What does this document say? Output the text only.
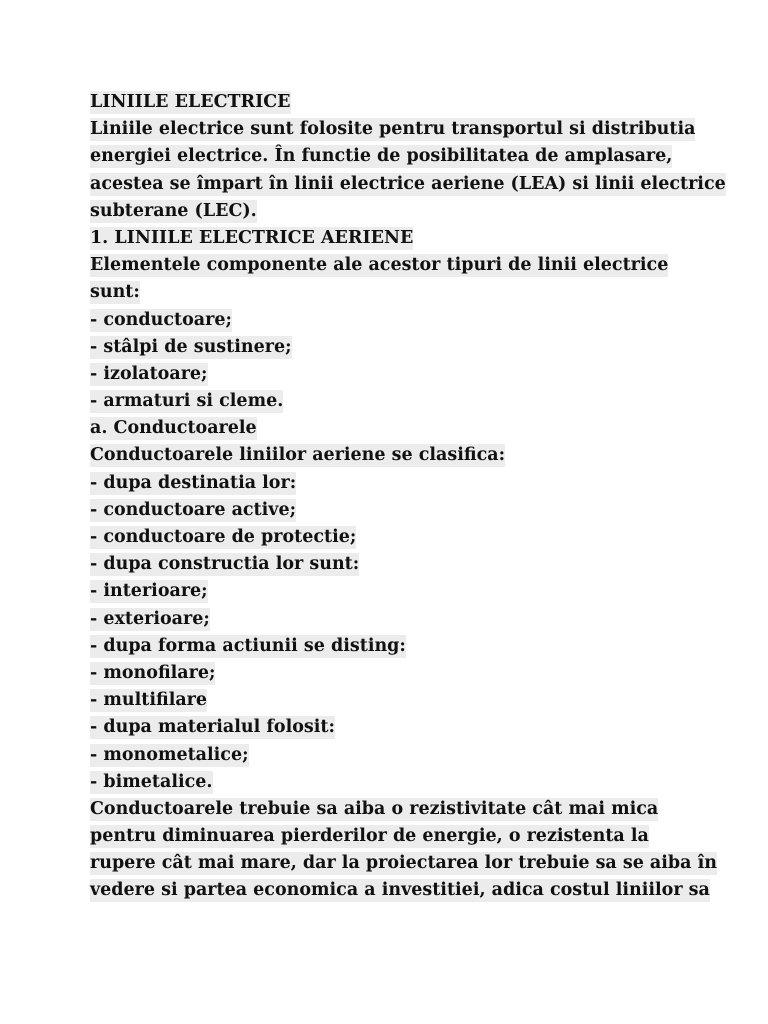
LINIILE ELECTRICE
Liniile electrice sunt folosite pentru transportul si distributia
energiei electrice. În functie de posibilitatea de amplasare,
acestea se împart în linii electrice aeriene (LEA) si linii electrice
subterane (LEC).
1. LINIILE ELECTRICE AERIENE
Elementele componente ale acestor tipuri de linii electrice
sunt:
- conductoare;
- stâlpi de sustinere;
- izolatoare;
- armaturi si cleme.
a. Conductoarele
Conductoarele liniilor aeriene se clasifica:
- dupa destinatia lor:
- conductoare active;
- conductoare de protectie;
- dupa constructia lor sunt:
- interioare;
- exterioare;
- dupa forma actiunii se disting:
- monofilare;
- multifilare
- dupa materialul folosit:
- monometalice;
- bimetalice.
Conductoarele trebuie sa aiba o rezistivitate cât mai mica
pentru diminuarea pierderilor de energie, o rezistenta la
rupere cât mai mare, dar la proiectarea lor trebuie sa se aiba în
vedere si partea economica a investitiei, adica costul liniilor sa
